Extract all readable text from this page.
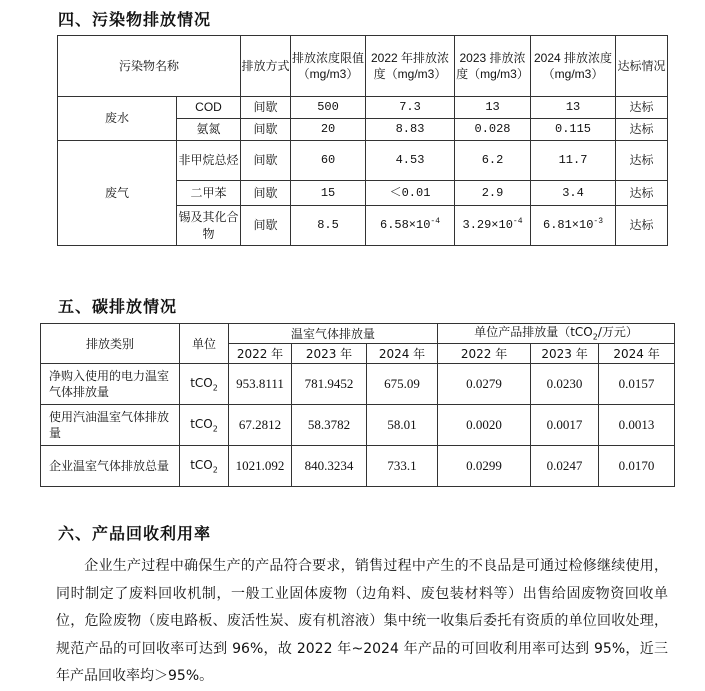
四、污染物排放情况
污染物名称		排放方式	排放浓度限值（mg/m3）	2022 年排放浓度（mg/m3）	2023 排放浓度（mg/m3）	2024 排放浓度（mg/m3）	达标情况
废水	COD	间歇	500	7.3	13	13	达标
	氨氮	间歇	20	8.83	0.028	0.115	达标
废气	非甲烷总烃	间歇	60	4.53	6.2	11.7	达标
	二甲苯	间歇	15	＜0.01	2.9	3.4	达标
	锡及其化合物	间歇	8.5	$6.58\times 10^{-4}$	$3.29\times 10^{-4}$	$6.81\times 10^{-3}$	达标
五、碳排放情况
排放类别	单位	温室气体排放量			单位产品排放量（tCO$_2$/万元）		
		2022 年	2023 年	2024 年	2022 年	2023 年	2024 年
净购入使用的电力温室气体排放量	tCO$_2$	953.8111	781.9452	675.09	0.0279	0.0230	0.0157
使用汽油温室气体排放量	tCO$_2$	67.2812	58.3782	58.01	0.0020	0.0017	0.0013
企业温室气体排放总量	tCO$_2$	1021.092	840.3234	733.1	0.0299	0.0247	0.0170
六、产品回收利用率

企业生产过程中确保生产的产品符合要求，销售过程中产生的不良品是可通过检修继续使用，同时制定了废料回收机制，一般工业固体废物（边角料、废包装材料等）出售给固废物资回收单位，危险废物（废电路板、废活性炭、废有机溶液）集中统一收集后委托有资质的单位回收处理，规范产品的可回收率可达到 96%，故 2022 年~2024 年产品的可回收利用率可达到 95%，近三年产品回收率均＞95%。
